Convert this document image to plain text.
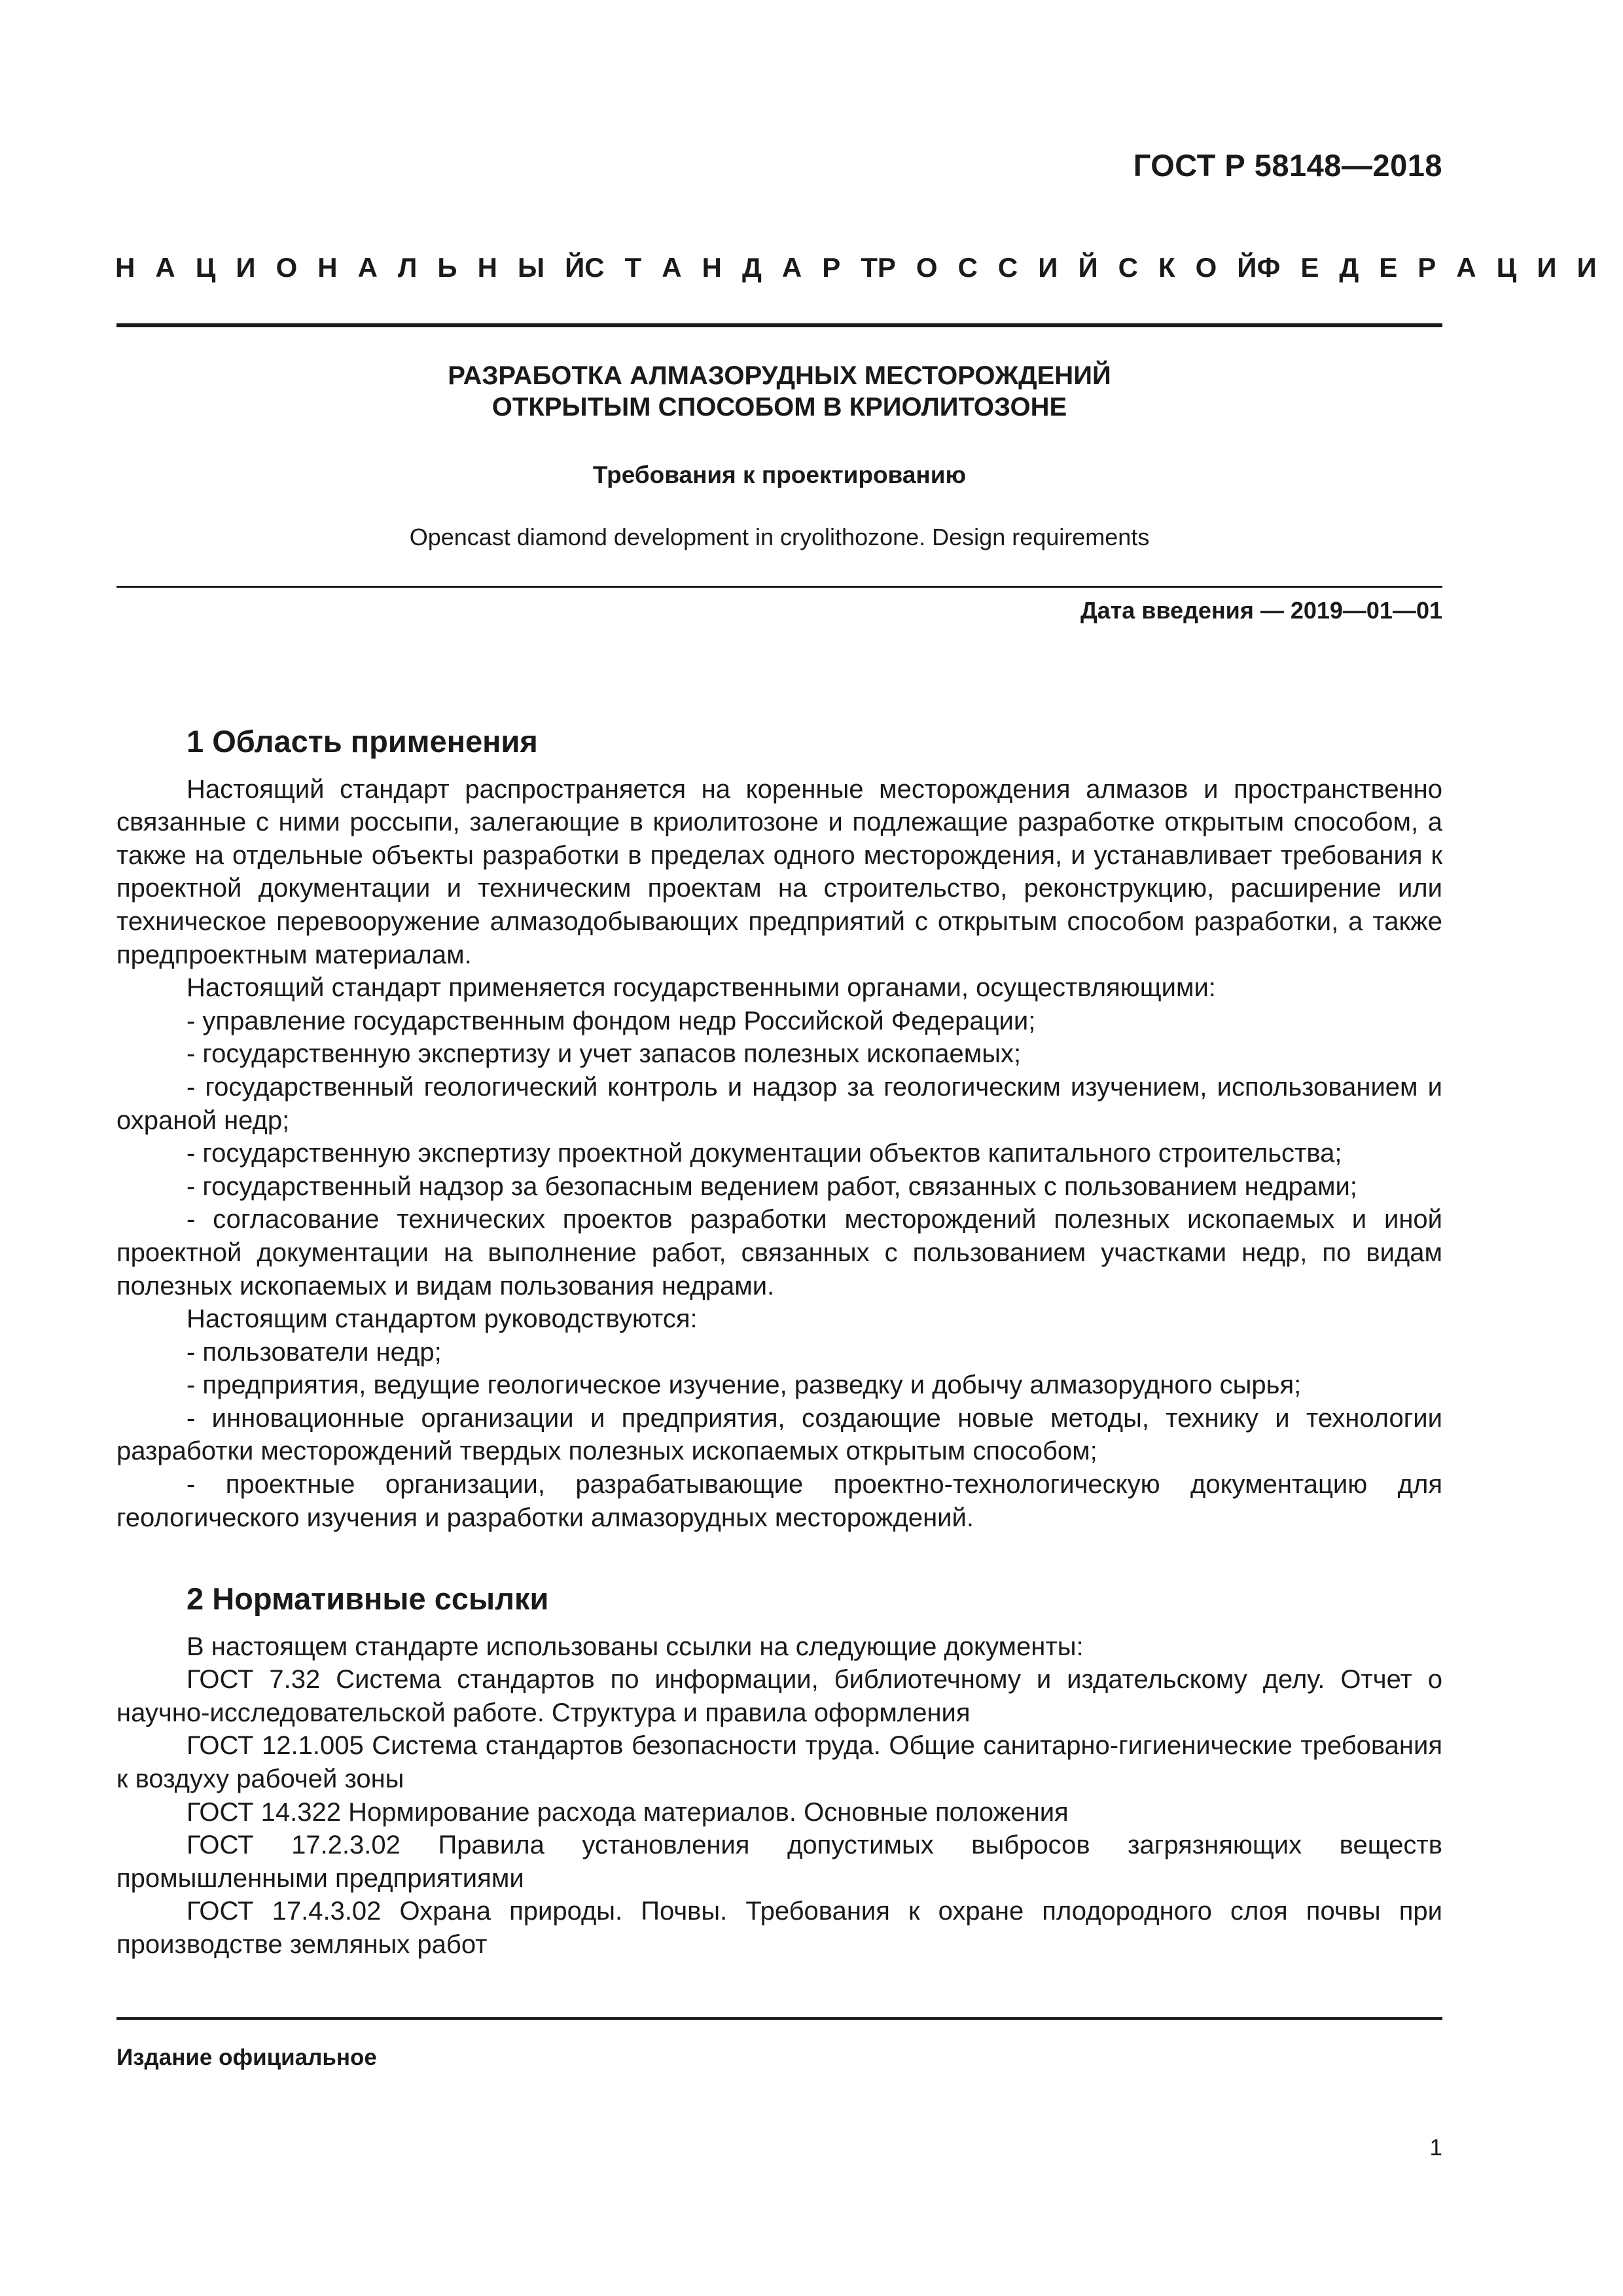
ГОСТ Р 58148—2018
Н А Ц И О Н А Л Ь Н Ы Й С Т А Н Д А Р Т Р О С С И Й С К О Й Ф Е Д Е Р А Ц И И
РАЗРАБОТКА АЛМАЗОРУДНЫХ МЕСТОРОЖДЕНИЙ
ОТКРЫТЫМ СПОСОБОМ В КРИОЛИТОЗОНЕ
Требования к проектированию
Opencast diamond development in cryolithozone. Design requirements
Дата введения — 2019—01—01
1 Область применения

Настоящий стандарт распространяется на коренные месторождения алмазов и пространственно связанные с ними россыпи, залегающие в криолитозоне и подлежащие разработке открытым способом, а также на отдельные объекты разработки в пределах одного месторождения, и устанавливает требования к проектной документации и техническим проектам на строительство, реконструкцию, расширение или техническое перевооружение алмазодобывающих предприятий с открытым способом разработки, а также предпроектным материалам.

Настоящий стандарт применяется государственными органами, осуществляющими:

- управление государственным фондом недр Российской Федерации;

- государственную экспертизу и учет запасов полезных ископаемых;

- государственный геологический контроль и надзор за геологическим изучением, использованием и охраной недр;

- государственную экспертизу проектной документации объектов капитального строительства;

- государственный надзор за безопасным ведением работ, связанных с пользованием недрами;

- согласование технических проектов разработки месторождений полезных ископаемых и иной проектной документации на выполнение работ, связанных с пользованием участками недр, по видам полезных ископаемых и видам пользования недрами.

Настоящим стандартом руководствуются:

- пользователи недр;

- предприятия, ведущие геологическое изучение, разведку и добычу алмазорудного сырья;

- инновационные организации и предприятия, создающие новые методы, технику и технологии разработки месторождений твердых полезных ископаемых открытым способом;

- проектные организации, разрабатывающие проектно-технологическую документацию для геологического изучения и разработки алмазорудных месторождений.

2 Нормативные ссылки

В настоящем стандарте использованы ссылки на следующие документы:

ГОСТ 7.32 Система стандартов по информации, библиотечному и издательскому делу. Отчет о научно-исследовательской работе. Структура и правила оформления

ГОСТ 12.1.005 Система стандартов безопасности труда. Общие санитарно-гигиенические требования к воздуху рабочей зоны

ГОСТ 14.322 Нормирование расхода материалов. Основные положения

ГОСТ 17.2.3.02 Правила установления допустимых выбросов загрязняющих веществ промышленными предприятиями

ГОСТ 17.4.3.02 Охрана природы. Почвы. Требования к охране плодородного слоя почвы при производстве земляных работ

Издание официальное
1
